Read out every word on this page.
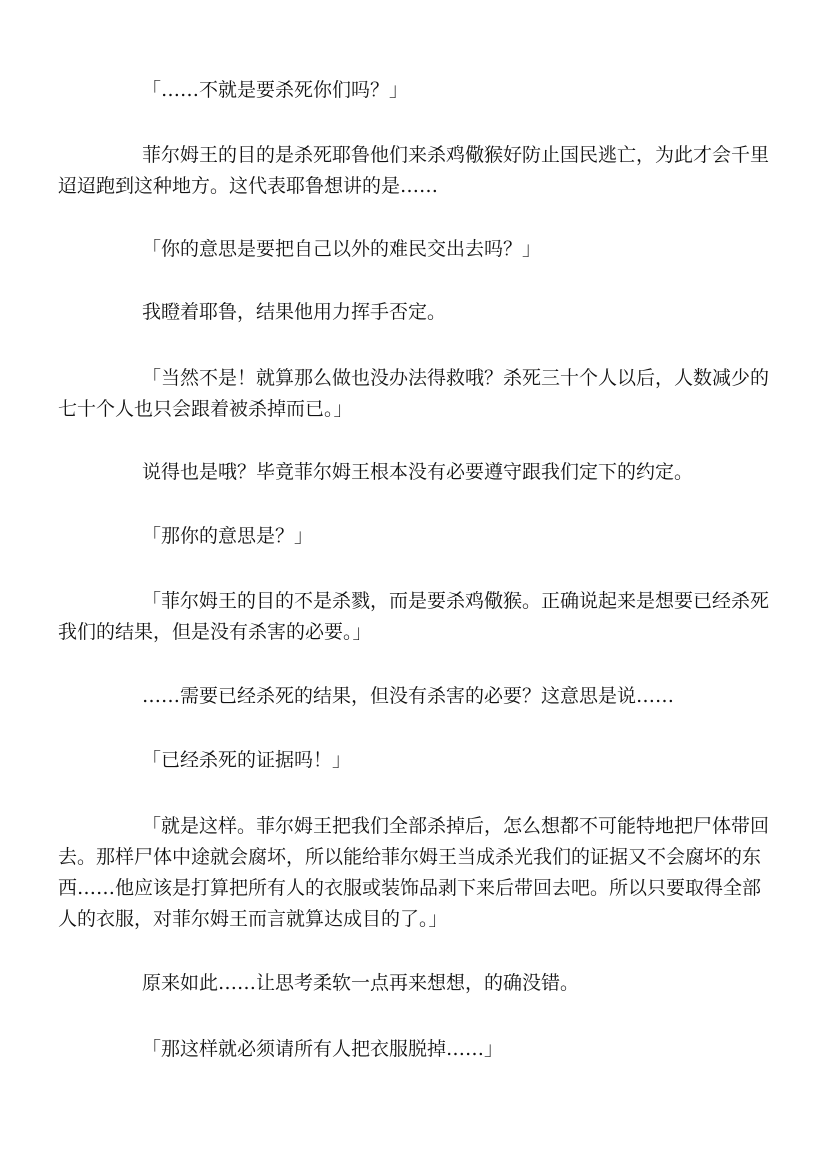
「……不就是要杀死你们吗？」

菲尔姆王的目的是杀死耶鲁他们来杀鸡儆猴好防止国民逃亡，为此才会千里迢迢跑到这种地方。这代表耶鲁想讲的是……

「你的意思是要把自己以外的难民交出去吗？」

我瞪着耶鲁，结果他用力挥手否定。

「当然不是！就算那么做也没办法得救哦？杀死三十个人以后，人数减少的七十个人也只会跟着被杀掉而已。」

说得也是哦？毕竟菲尔姆王根本没有必要遵守跟我们定下的约定。

「那你的意思是？」

「菲尔姆王的目的不是杀戮，而是要杀鸡儆猴。正确说起来是想要已经杀死我们的结果，但是没有杀害的必要。」

……需要已经杀死的结果，但没有杀害的必要？这意思是说……

「已经杀死的证据吗！」

「就是这样。菲尔姆王把我们全部杀掉后，怎么想都不可能特地把尸体带回去。那样尸体中途就会腐坏，所以能给菲尔姆王当成杀光我们的证据又不会腐坏的东西……他应该是打算把所有人的衣服或装饰品剥下来后带回去吧。所以只要取得全部人的衣服，对菲尔姆王而言就算达成目的了。」

原来如此……让思考柔软一点再来想想，的确没错。

「那这样就必须请所有人把衣服脱掉……」
